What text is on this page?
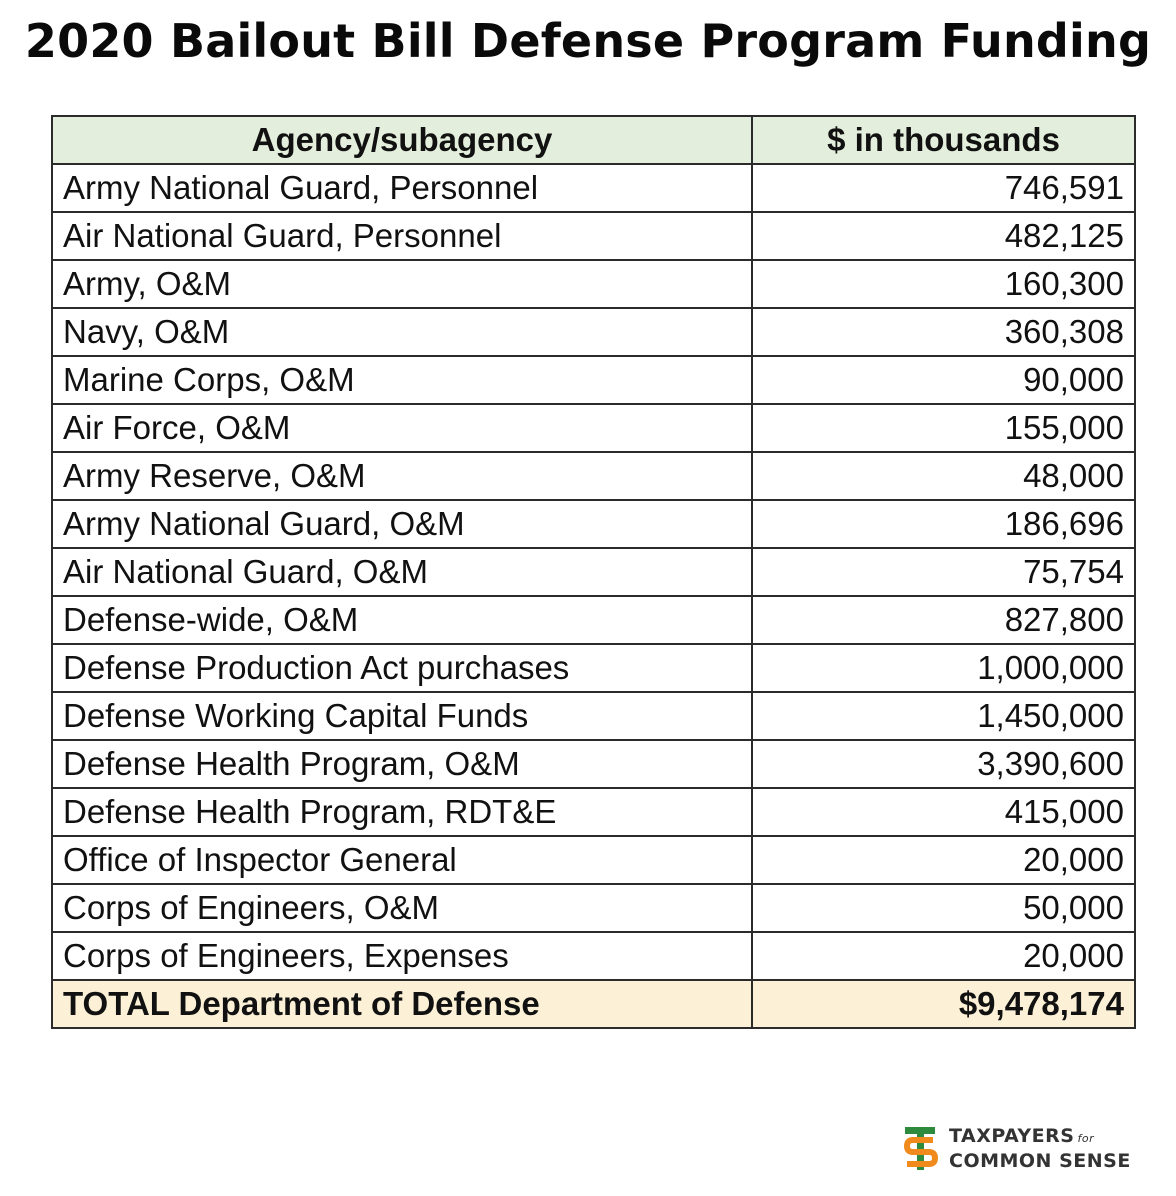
2020 Bailout Bill Defense Program Funding
Agency/subagency	$ in thousands
Army National Guard, Personnel	746,591
Air National Guard, Personnel	482,125
Army, O&M	160,300
Navy, O&M	360,308
Marine Corps, O&M	90,000
Air Force, O&M	155,000
Army Reserve, O&M	48,000
Army National Guard, O&M	186,696
Air National Guard, O&M	75,754
Defense-wide, O&M	827,800
Defense Production Act purchases	1,000,000
Defense Working Capital Funds	1,450,000
Defense Health Program, O&M	3,390,600
Defense Health Program, RDT&E	415,000
Office of Inspector General	20,000
Corps of Engineers, O&M	50,000
Corps of Engineers, Expenses	20,000
TOTAL Department of Defense	$9,478,174
TAXPAYERS for
COMMON SENSE
